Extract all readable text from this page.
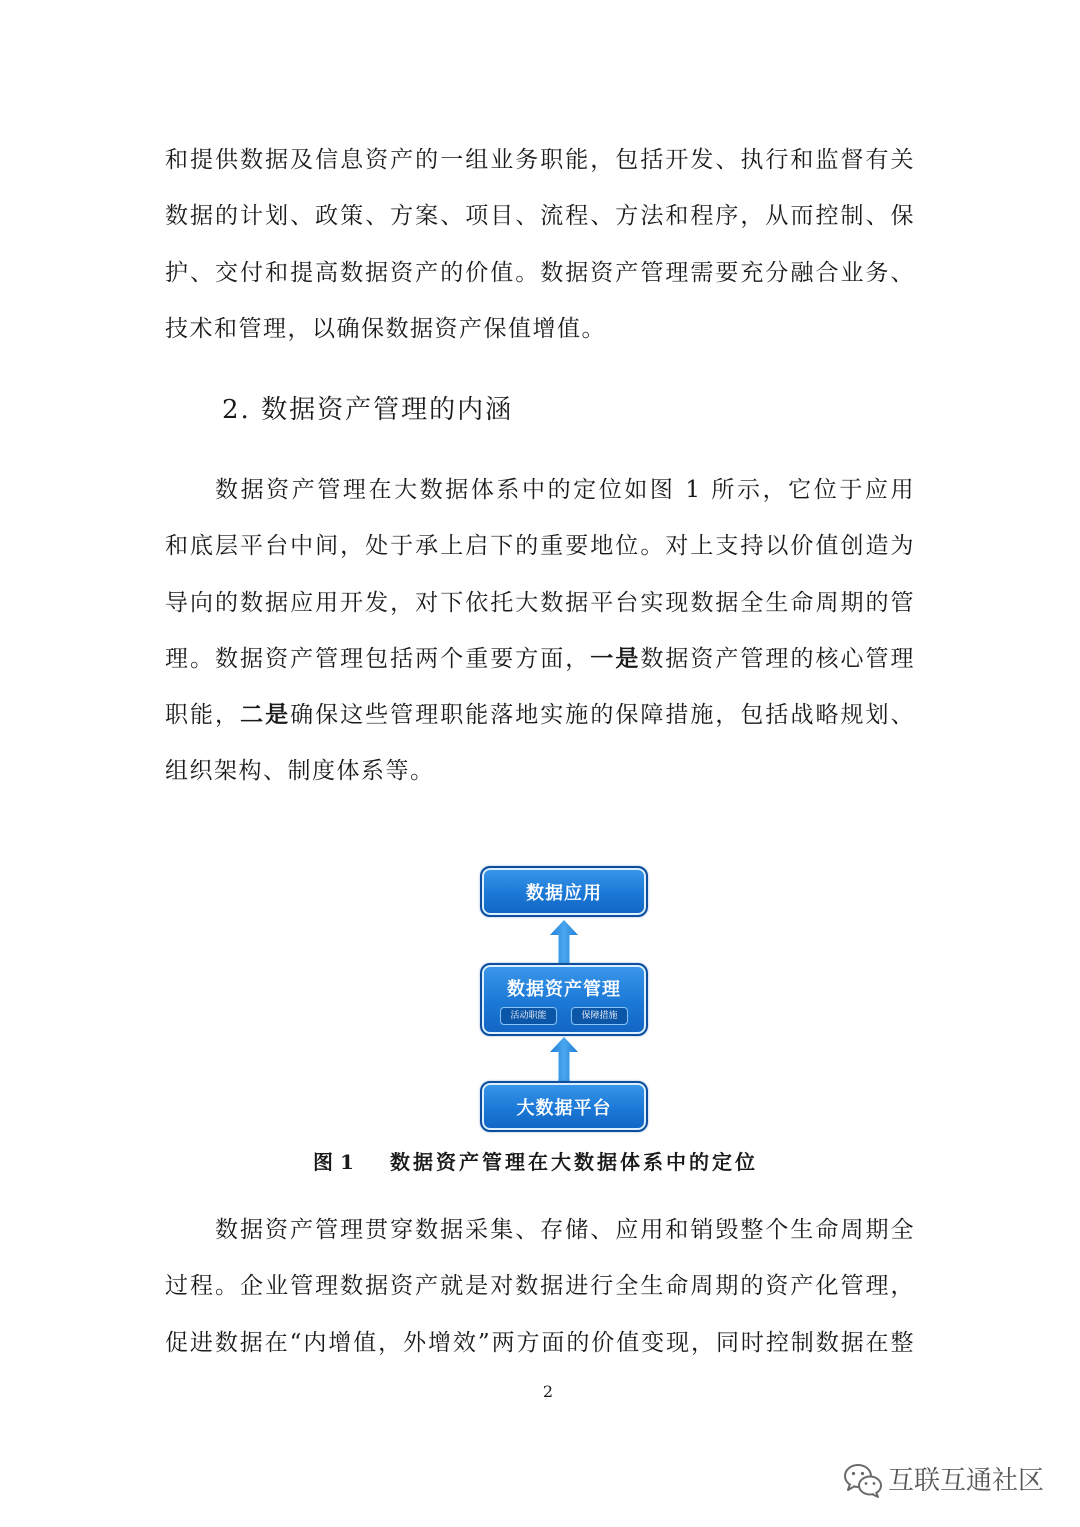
和提供数据及信息资产的一组业务职能，包括开发、执行和监督有关
数据的计划、政策、方案、项目、流程、方法和程序，从而控制、保
护、交付和提高数据资产的价值。数据资产管理需要充分融合业务、
技术和管理，以确保数据资产保值增值。
2. 数据资产管理的内涵
数据资产管理在大数据体系中的定位如图 1 所示，它位于应用
和底层平台中间，处于承上启下的重要地位。对上支持以价值创造为
导向的数据应用开发，对下依托大数据平台实现数据全生命周期的管
理。数据资产管理包括两个重要方面，一是数据资产管理的核心管理
职能，二是确保这些管理职能落地实施的保障措施，包括战略规划、
组织架构、制度体系等。
数据应用
数据资产管理
活动职能	保障措施
大数据平台
图 1 数据资产管理在大数据体系中的定位
数据资产管理贯穿数据采集、存储、应用和销毁整个生命周期全
过程。企业管理数据资产就是对数据进行全生命周期的资产化管理，
促进数据在“内增值，外增效”两方面的价值变现，同时控制数据在整
2
互联互通社区
